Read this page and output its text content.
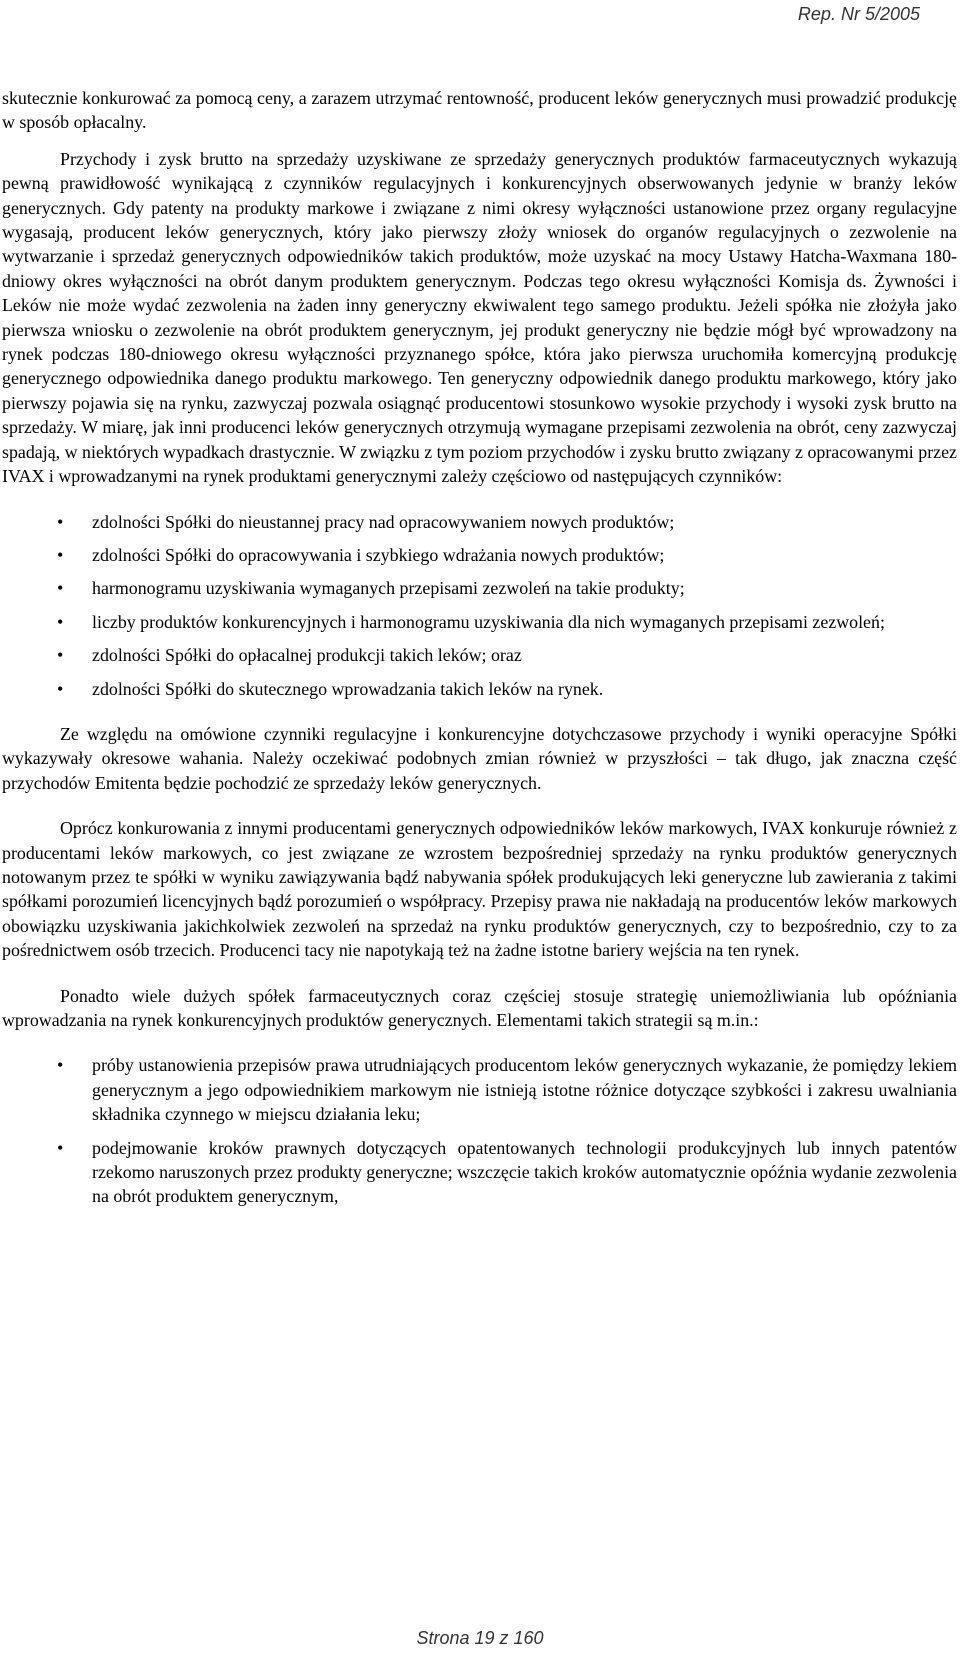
Rep. Nr 5/2005

skutecznie konkurować za pomocą ceny, a zarazem utrzymać rentowność, producent leków generycznych musi prowadzić produkcję w sposób opłacalny.

Przychody i zysk brutto na sprzedaży uzyskiwane ze sprzedaży generycznych produktów farmaceutycznych wykazują pewną prawidłowość wynikającą z czynników regulacyjnych i konkurencyjnych obserwowanych jedynie w branży leków generycznych. Gdy patenty na produkty markowe i związane z nimi okresy wyłączności ustanowione przez organy regulacyjne wygasają, producent leków generycznych, który jako pierwszy złoży wniosek do organów regulacyjnych o zezwolenie na wytwarzanie i sprzedaż generycznych odpowiedników takich produktów, może uzyskać na mocy Ustawy Hatcha-Waxmana 180-dniowy okres wyłączności na obrót danym produktem generycznym. Podczas tego okresu wyłączności Komisja ds. Żywności i Leków nie może wydać zezwolenia na żaden inny generyczny ekwiwalent tego samego produktu. Jeżeli spółka nie złożyła jako pierwsza wniosku o zezwolenie na obrót produktem generycznym, jej produkt generyczny nie będzie mógł być wprowadzony na rynek podczas 180-dniowego okresu wyłączności przyznanego spółce, która jako pierwsza uruchomiła komercyjną produkcję generycznego odpowiednika danego produktu markowego. Ten generyczny odpowiednik danego produktu markowego, który jako pierwszy pojawia się na rynku, zazwyczaj pozwala osiągnąć producentowi stosunkowo wysokie przychody i wysoki zysk brutto na sprzedaży. W miarę, jak inni producenci leków generycznych otrzymują wymagane przepisami zezwolenia na obrót, ceny zazwyczaj spadają, w niektórych wypadkach drastycznie. W związku z tym poziom przychodów i zysku brutto związany z opracowanymi przez IVAX i wprowadzanymi na rynek produktami generycznymi zależy częściowo od następujących czynników:

• zdolności Spółki do nieustannej pracy nad opracowywaniem nowych produktów;
• zdolności Spółki do opracowywania i szybkiego wdrażania nowych produktów;
• harmonogramu uzyskiwania wymaganych przepisami zezwoleń na takie produkty;
• liczby produktów konkurencyjnych i harmonogramu uzyskiwania dla nich wymaganych przepisami zezwoleń;
• zdolności Spółki do opłacalnej produkcji takich leków; oraz
• zdolności Spółki do skutecznego wprowadzania takich leków na rynek.

Ze względu na omówione czynniki regulacyjne i konkurencyjne dotychczasowe przychody i wyniki operacyjne Spółki wykazywały okresowe wahania. Należy oczekiwać podobnych zmian również w przyszłości – tak długo, jak znaczna część przychodów Emitenta będzie pochodzić ze sprzedaży leków generycznych.

Oprócz konkurowania z innymi producentami generycznych odpowiedników leków markowych, IVAX konkuruje również z producentami leków markowych, co jest związane ze wzrostem bezpośredniej sprzedaży na rynku produktów generycznych notowanym przez te spółki w wyniku zawiązywania bądź nabywania spółek produkujących leki generyczne lub zawierania z takimi spółkami porozumień licencyjnych bądź porozumień o współpracy. Przepisy prawa nie nakładają na producentów leków markowych obowiązku uzyskiwania jakichkolwiek zezwoleń na sprzedaż na rynku produktów generycznych, czy to bezpośrednio, czy to za pośrednictwem osób trzecich. Producenci tacy nie napotykają też na żadne istotne bariery wejścia na ten rynek.

Ponadto wiele dużych spółek farmaceutycznych coraz częściej stosuje strategię uniemożliwiania lub opóźniania wprowadzania na rynek konkurencyjnych produktów generycznych. Elementami takich strategii są m.in.:

• próby ustanowienia przepisów prawa utrudniających producentom leków generycznych wykazanie, że pomiędzy lekiem generycznym a jego odpowiednikiem markowym nie istnieją istotne różnice dotyczące szybkości i zakresu uwalniania składnika czynnego w miejscu działania leku;
• podejmowanie kroków prawnych dotyczących opatentowanych technologii produkcyjnych lub innych patentów rzekomo naruszonych przez produkty generyczne; wszczęcie takich kroków automatycznie opóźnia wydanie zezwolenia na obrót produktem generycznym,
Strona 19 z 160
